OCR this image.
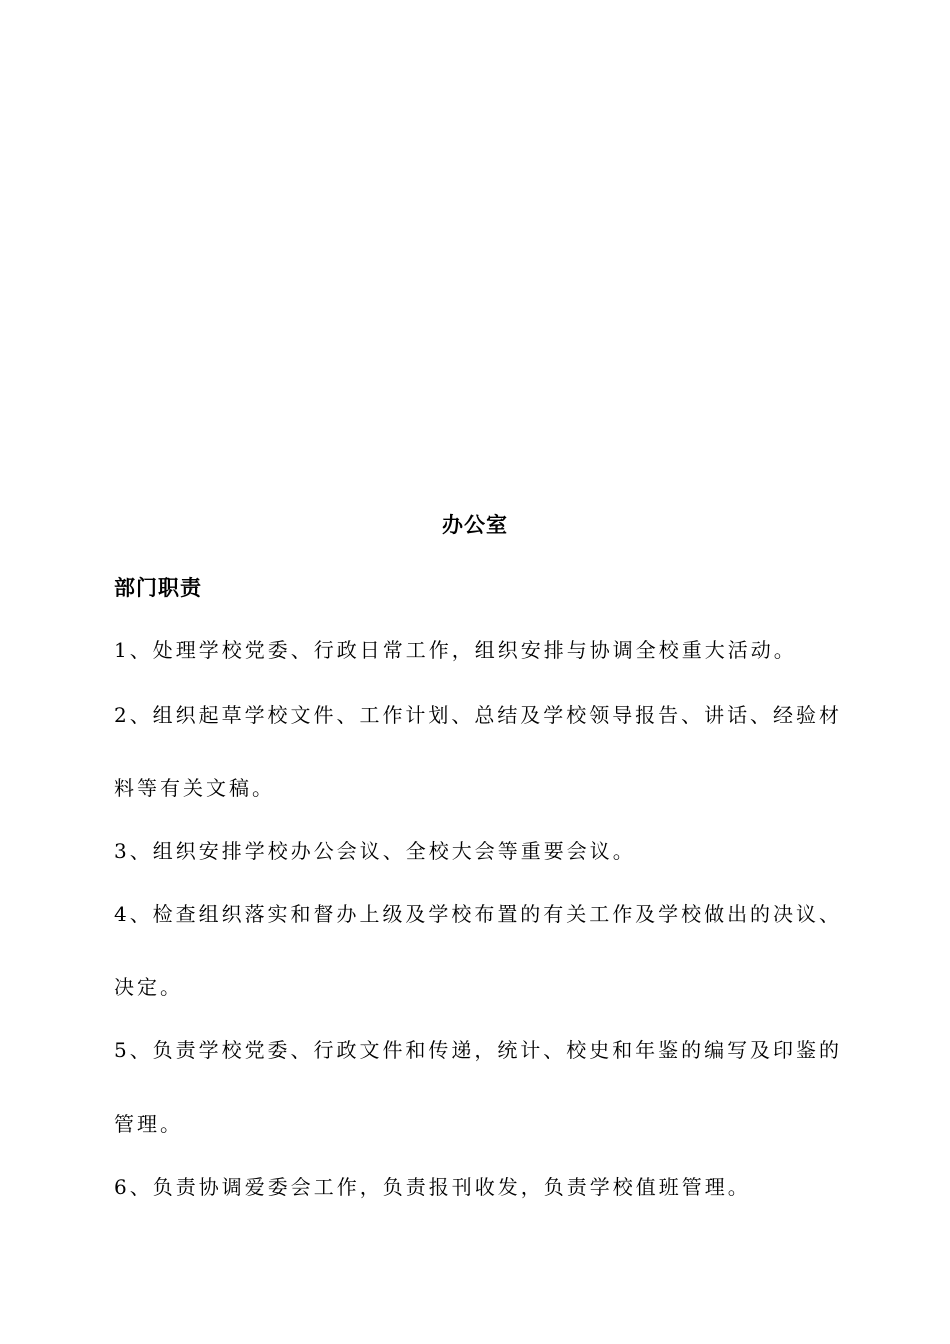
办公室
部门职责
1、处理学校党委、行政日常工作，组织安排与协调全校重大活动。
2、组织起草学校文件、工作计划、总结及学校领导报告、讲话、经验材
料等有关文稿。
3、组织安排学校办公会议、全校大会等重要会议。
4、检查组织落实和督办上级及学校布置的有关工作及学校做出的决议、
决定。
5、负责学校党委、行政文件和传递，统计、校史和年鉴的编写及印鉴的
管理。
6、负责协调爱委会工作，负责报刊收发，负责学校值班管理。
